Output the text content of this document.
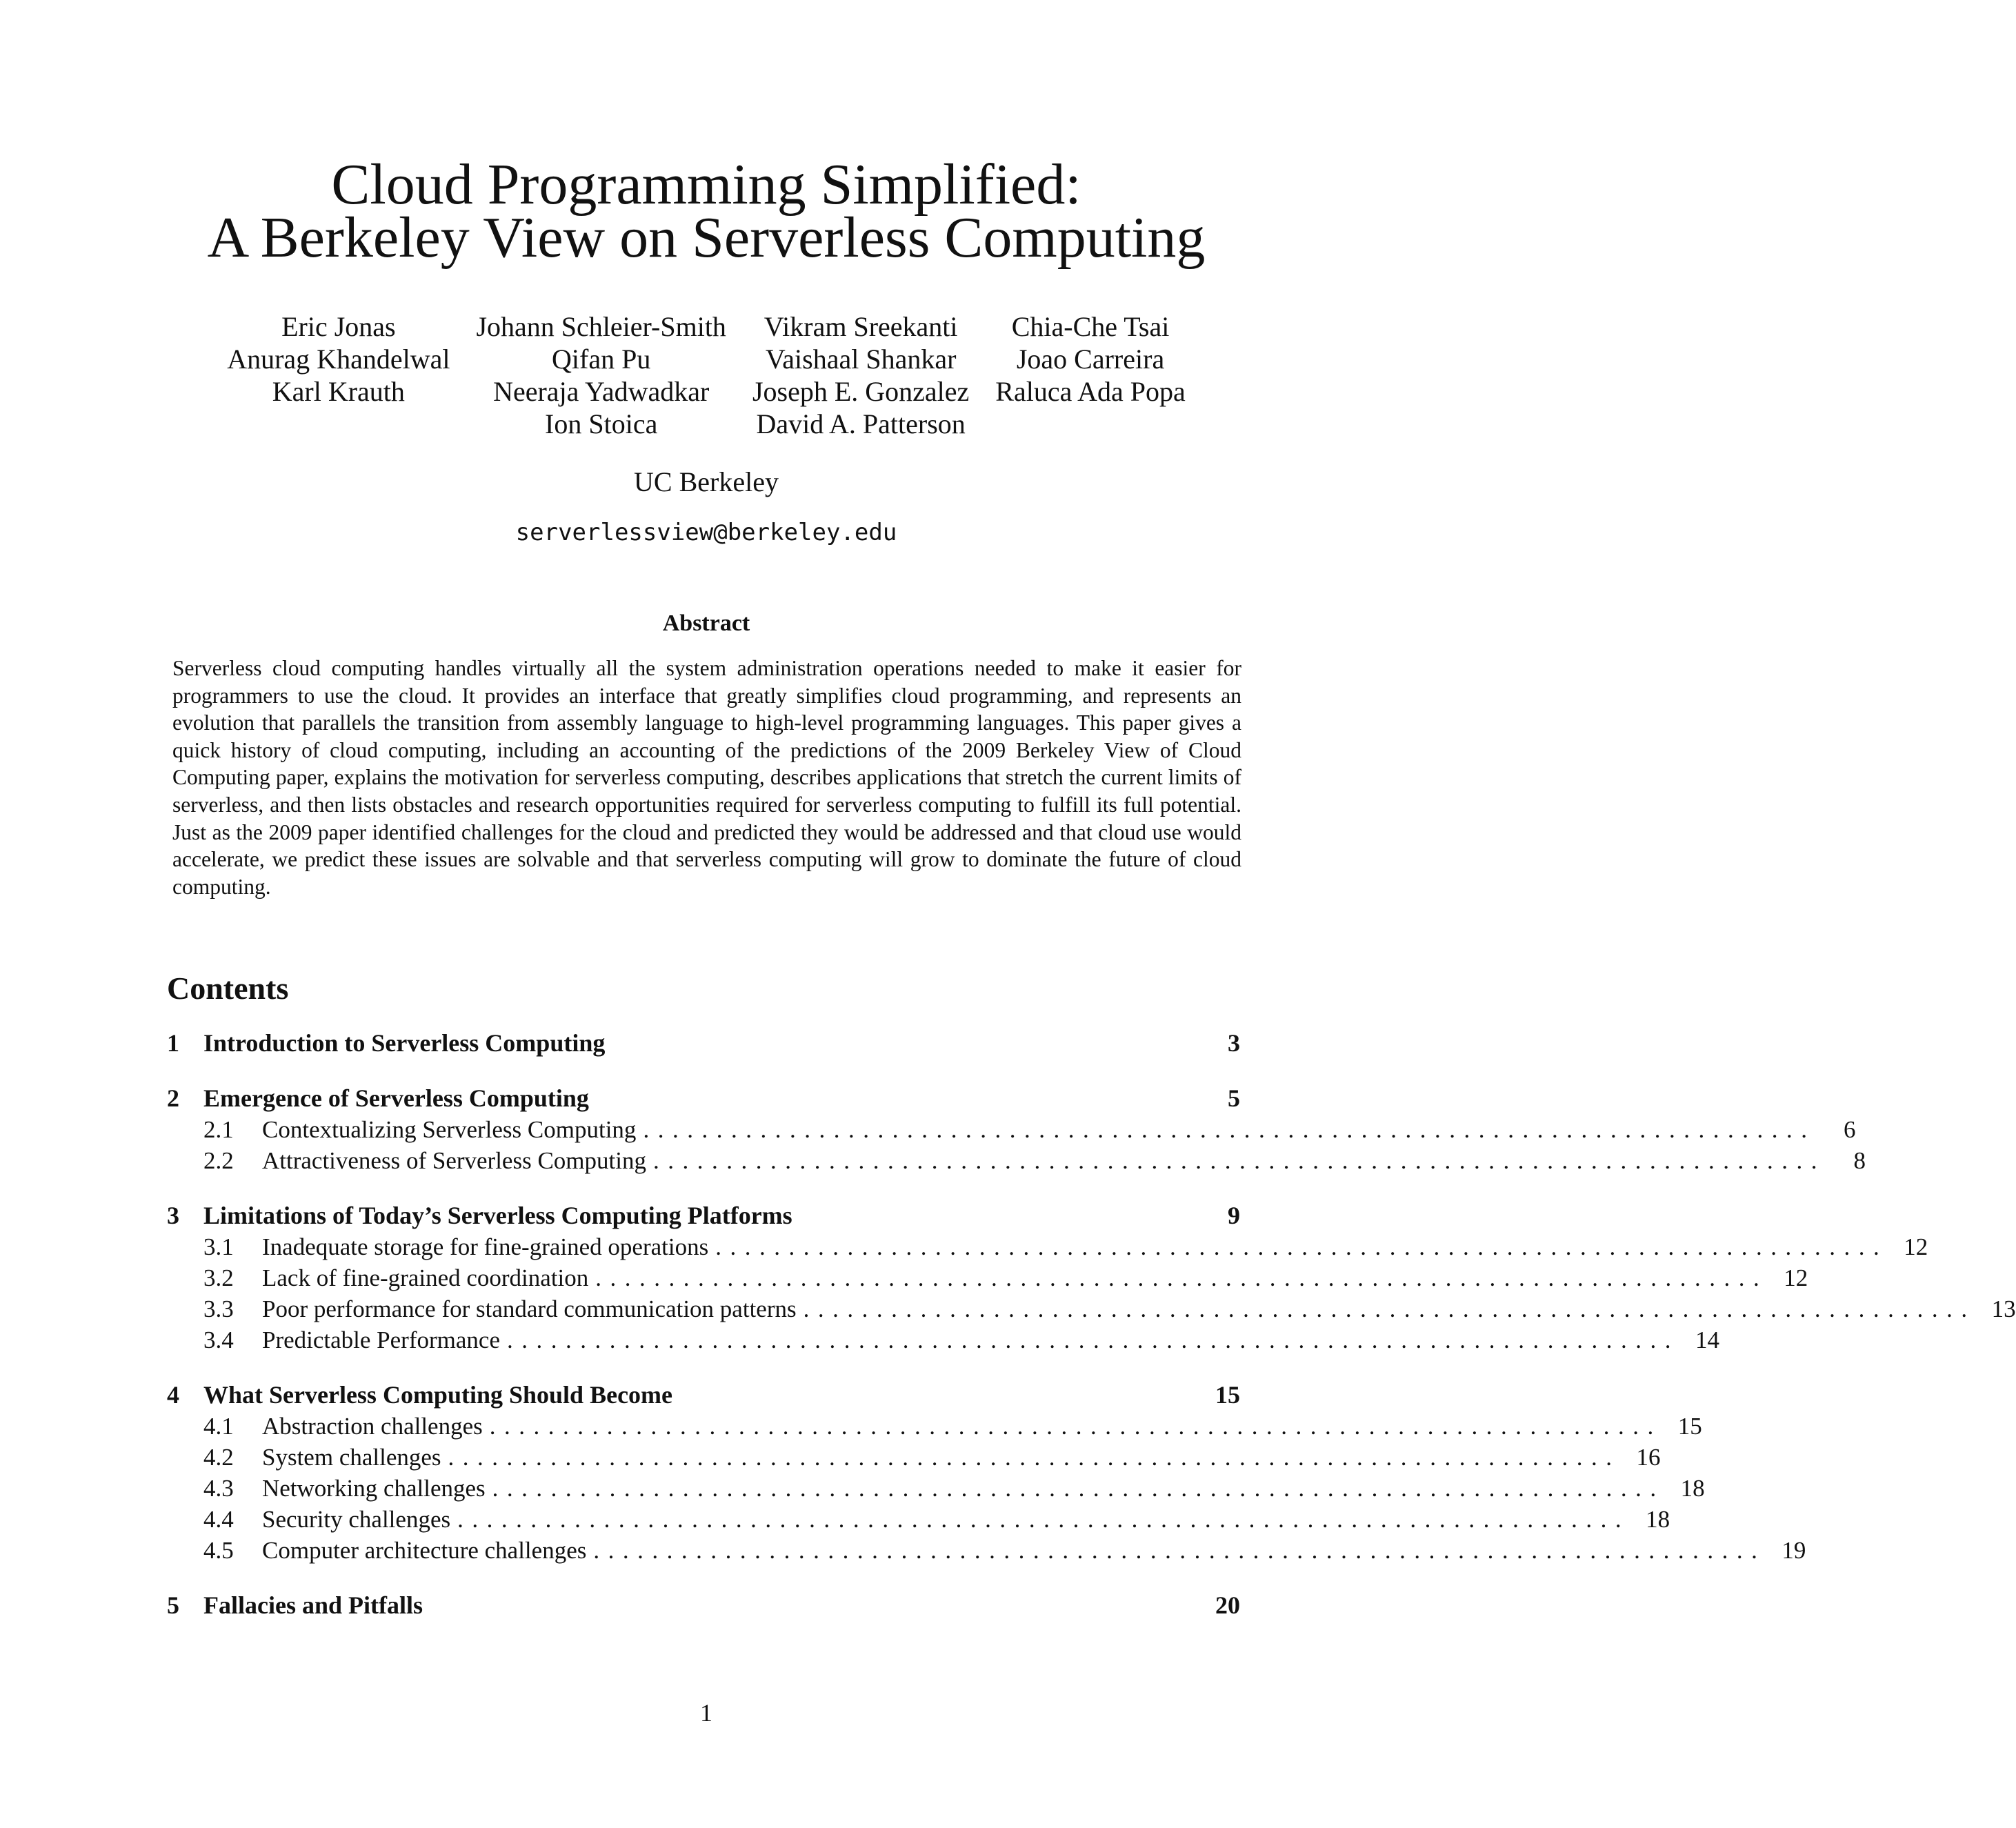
Cloud Programming Simplified:
A Berkeley View on Serverless Computing
Eric Jonas
Anurag Khandelwal
Karl Krauth
Johann Schleier-Smith
Qifan Pu
Neeraja Yadwadkar
Ion Stoica
Vikram Sreekanti
Vaishaal Shankar
Joseph E. Gonzalez
David A. Patterson
Chia-Che Tsai
Joao Carreira
Raluca Ada Popa
UC Berkeley
serverlessview@berkeley.edu
Abstract

Serverless cloud computing handles virtually all the system administration operations needed to make it easier for programmers to use the cloud. It provides an interface that greatly simplifies cloud programming, and represents an evolution that parallels the transition from assembly language to high-level programming languages. This paper gives a quick history of cloud computing, including an accounting of the predictions of the 2009 Berkeley View of Cloud Computing paper, explains the motivation for serverless computing, describes applications that stretch the current limits of serverless, and then lists obstacles and research opportunities required for serverless computing to fulfill its full potential. Just as the 2009 paper identified challenges for the cloud and predicted they would be addressed and that cloud use would accelerate, we predict these issues are solvable and that serverless computing will grow to dominate the future of cloud computing.

Contents
1 Introduction to Serverless Computing	3
2 Emergence of Serverless Computing	5
2.1	Contextualizing Serverless Computing ................................................................................	6
2.2	Attractiveness of Serverless Computing ................................................................................	8
3 Limitations of Today’s Serverless Computing Platforms	9
3.1	Inadequate storage for fine-grained operations ................................................................................ 12
3.2	Lack of fine-grained coordination ................................................................................ 12
3.3	Poor performance for standard communication patterns ................................................................................ 13
3.4	Predictable Performance ................................................................................ 14
4 What Serverless Computing Should Become	15
4.1	Abstraction challenges ................................................................................ 15
4.2	System challenges ................................................................................ 16
4.3	Networking challenges ................................................................................ 18
4.4	Security challenges ................................................................................ 18
4.5	Computer architecture challenges ................................................................................ 19
5 Fallacies and Pitfalls	20
1
